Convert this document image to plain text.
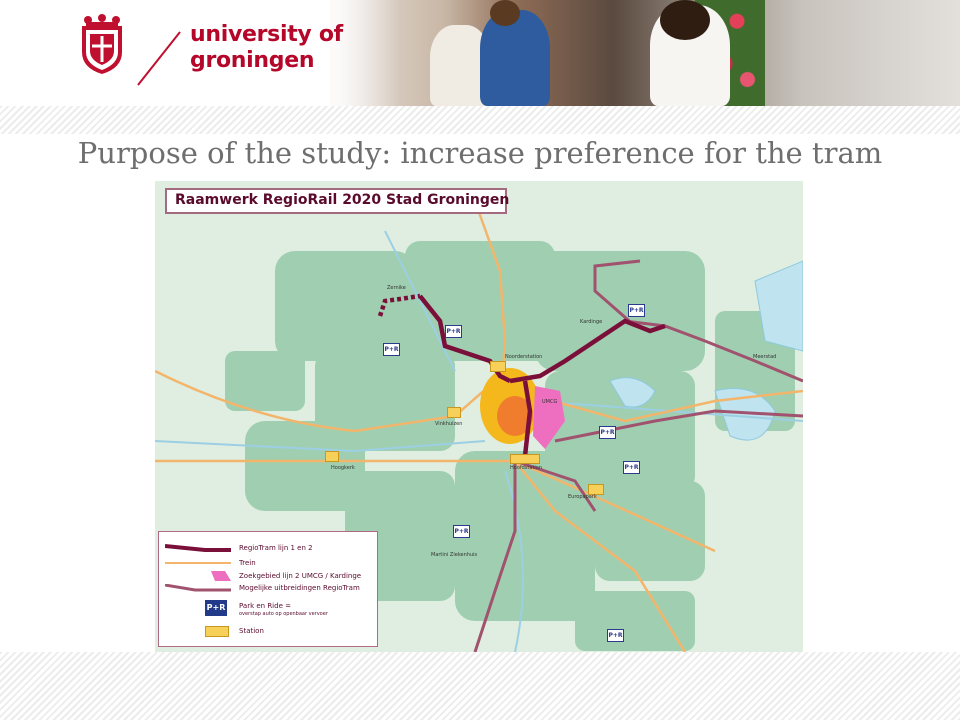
university of
groningen
Purpose of the study: increase preference for the tram
P+R
P+R
P+R
P+R
P+R
P+R
P+R
Zernike
Noorderstation
Kardinge
UMCG
Hoofdstation
Europapark
Hoogkerk
Vinkhuizen
Meerstad
Martini Ziekenhuis
Raamwerk RegioRail 2020 Stad Groningen
RegioTram lijn 1 en 2
Trein
Zoekgebied lijn 2 UMCG / Kardinge
Mogelijke uitbreidingen RegioTram
P+R Park en Ride =
overstap auto op openbaar vervoer
Station
